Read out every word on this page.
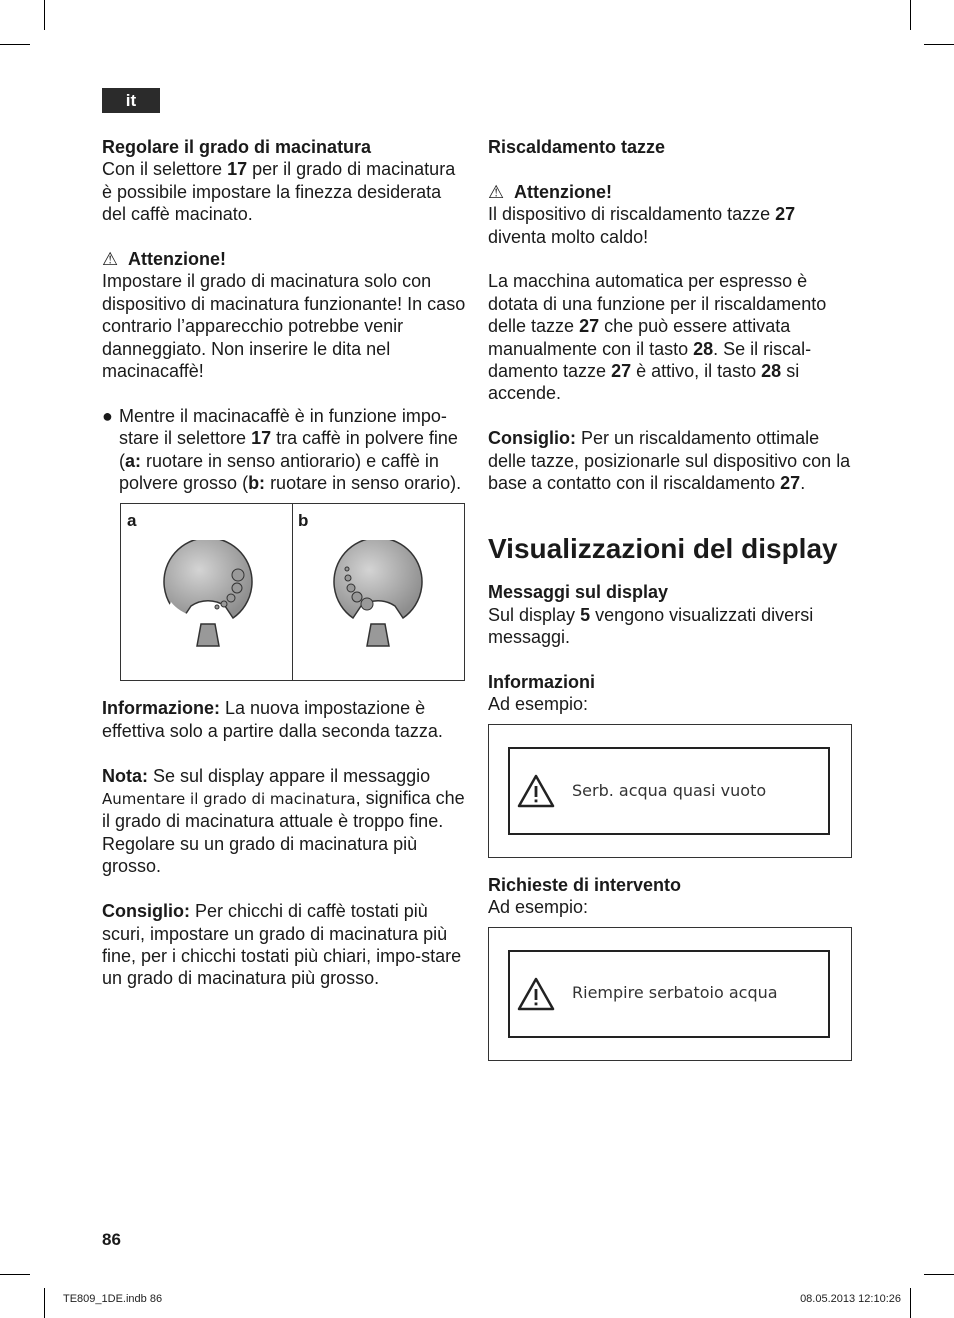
it

Regolare il grado di macinatura

Con il selettore 17 per il grado di macinatura è possibile impostare la finezza desiderata del caffè macinato.

⚠ Attenzione!

Impostare il grado di macinatura solo con dispositivo di macinatura funzionante! In caso contrario l’apparecchio potrebbe venir danneggiato. Non inserire le dita nel macinacaffè!

● Mentre il macinacaffè è in funzione impo-stare il selettore 17 tra caffè in polvere fine (a: ruotare in senso antiorario) e caffè in polvere grosso (b: ruotare in senso orario).
a	b

Informazione: La nuova impostazione è effettiva solo a partire dalla seconda tazza.

Nota: Se sul display appare il messaggio Aumentare il grado di macinatura, significa che il grado di macinatura attuale è troppo fine. Regolare su un grado di macinatura più grosso.

Consiglio: Per chicchi di caffè tostati più scuri, impostare un grado di macinatura più fine, per i chicchi tostati più chiari, impo-stare un grado di macinatura più grosso.

Riscaldamento tazze

⚠ Attenzione!

Il dispositivo di riscaldamento tazze 27 diventa molto caldo!

La macchina automatica per espresso è dotata di una funzione per il riscaldamento delle tazze 27 che può essere attivata manualmente con il tasto 28. Se il riscal-damento tazze 27 è attivo, il tasto 28 si accende.

Consiglio: Per un riscaldamento ottimale delle tazze, posizionarle sul dispositivo con la base a contatto con il riscaldamento 27.

Visualizzazioni del display

Messaggi sul display

Sul display 5 vengono visualizzati diversi messaggi.

Informazioni

Ad esempio:

Serb. acqua quasi vuoto

Richieste di intervento

Ad esempio:

Riempire serbatoio acqua
86
TE809_1DE.indb 86	08.05.2013 12:10:26
